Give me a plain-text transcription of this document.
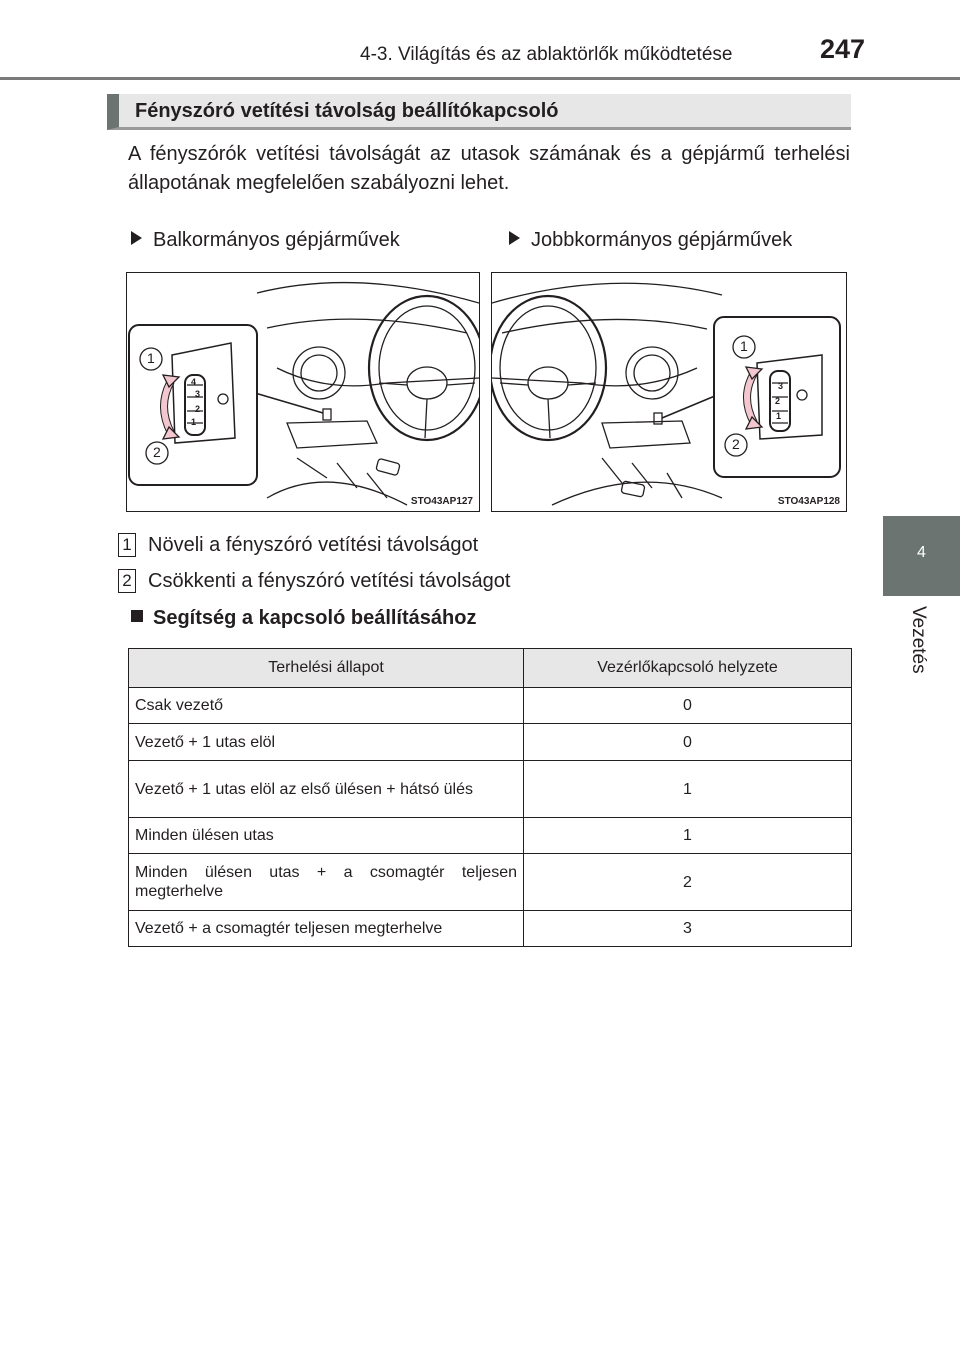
4-3. Világítás és az ablaktörlők működtetése	247
4
Vezetés
Fényszóró vetítési távolság beállítókapcsoló
A fényszórók vetítési távolságát az utasok számának és a gépjármű terhelési állapotának megfelelően szabályozni lehet.
Balkormányos gépjárművek	Jobbkormányos gépjárművek
4
3
2
1
1
2
STO43AP127
3
2
1
1
2
STO43AP128
1 Növeli a fényszóró vetítési távolságot
2 Csökkenti a fényszóró vetítési távolságot
Segítség a kapcsoló beállításához
Terhelési állapot	Vezérlőkapcsoló helyzete
Csak vezető	0
Vezető + 1 utas elöl	0
Vezető + 1 utas elöl az első ülésen + hátsó ülés	1
Minden ülésen utas	1
Minden ülésen utas + a csomagtér teljesen megterhelve	2
Vezető + a csomagtér teljesen megterhelve	3
